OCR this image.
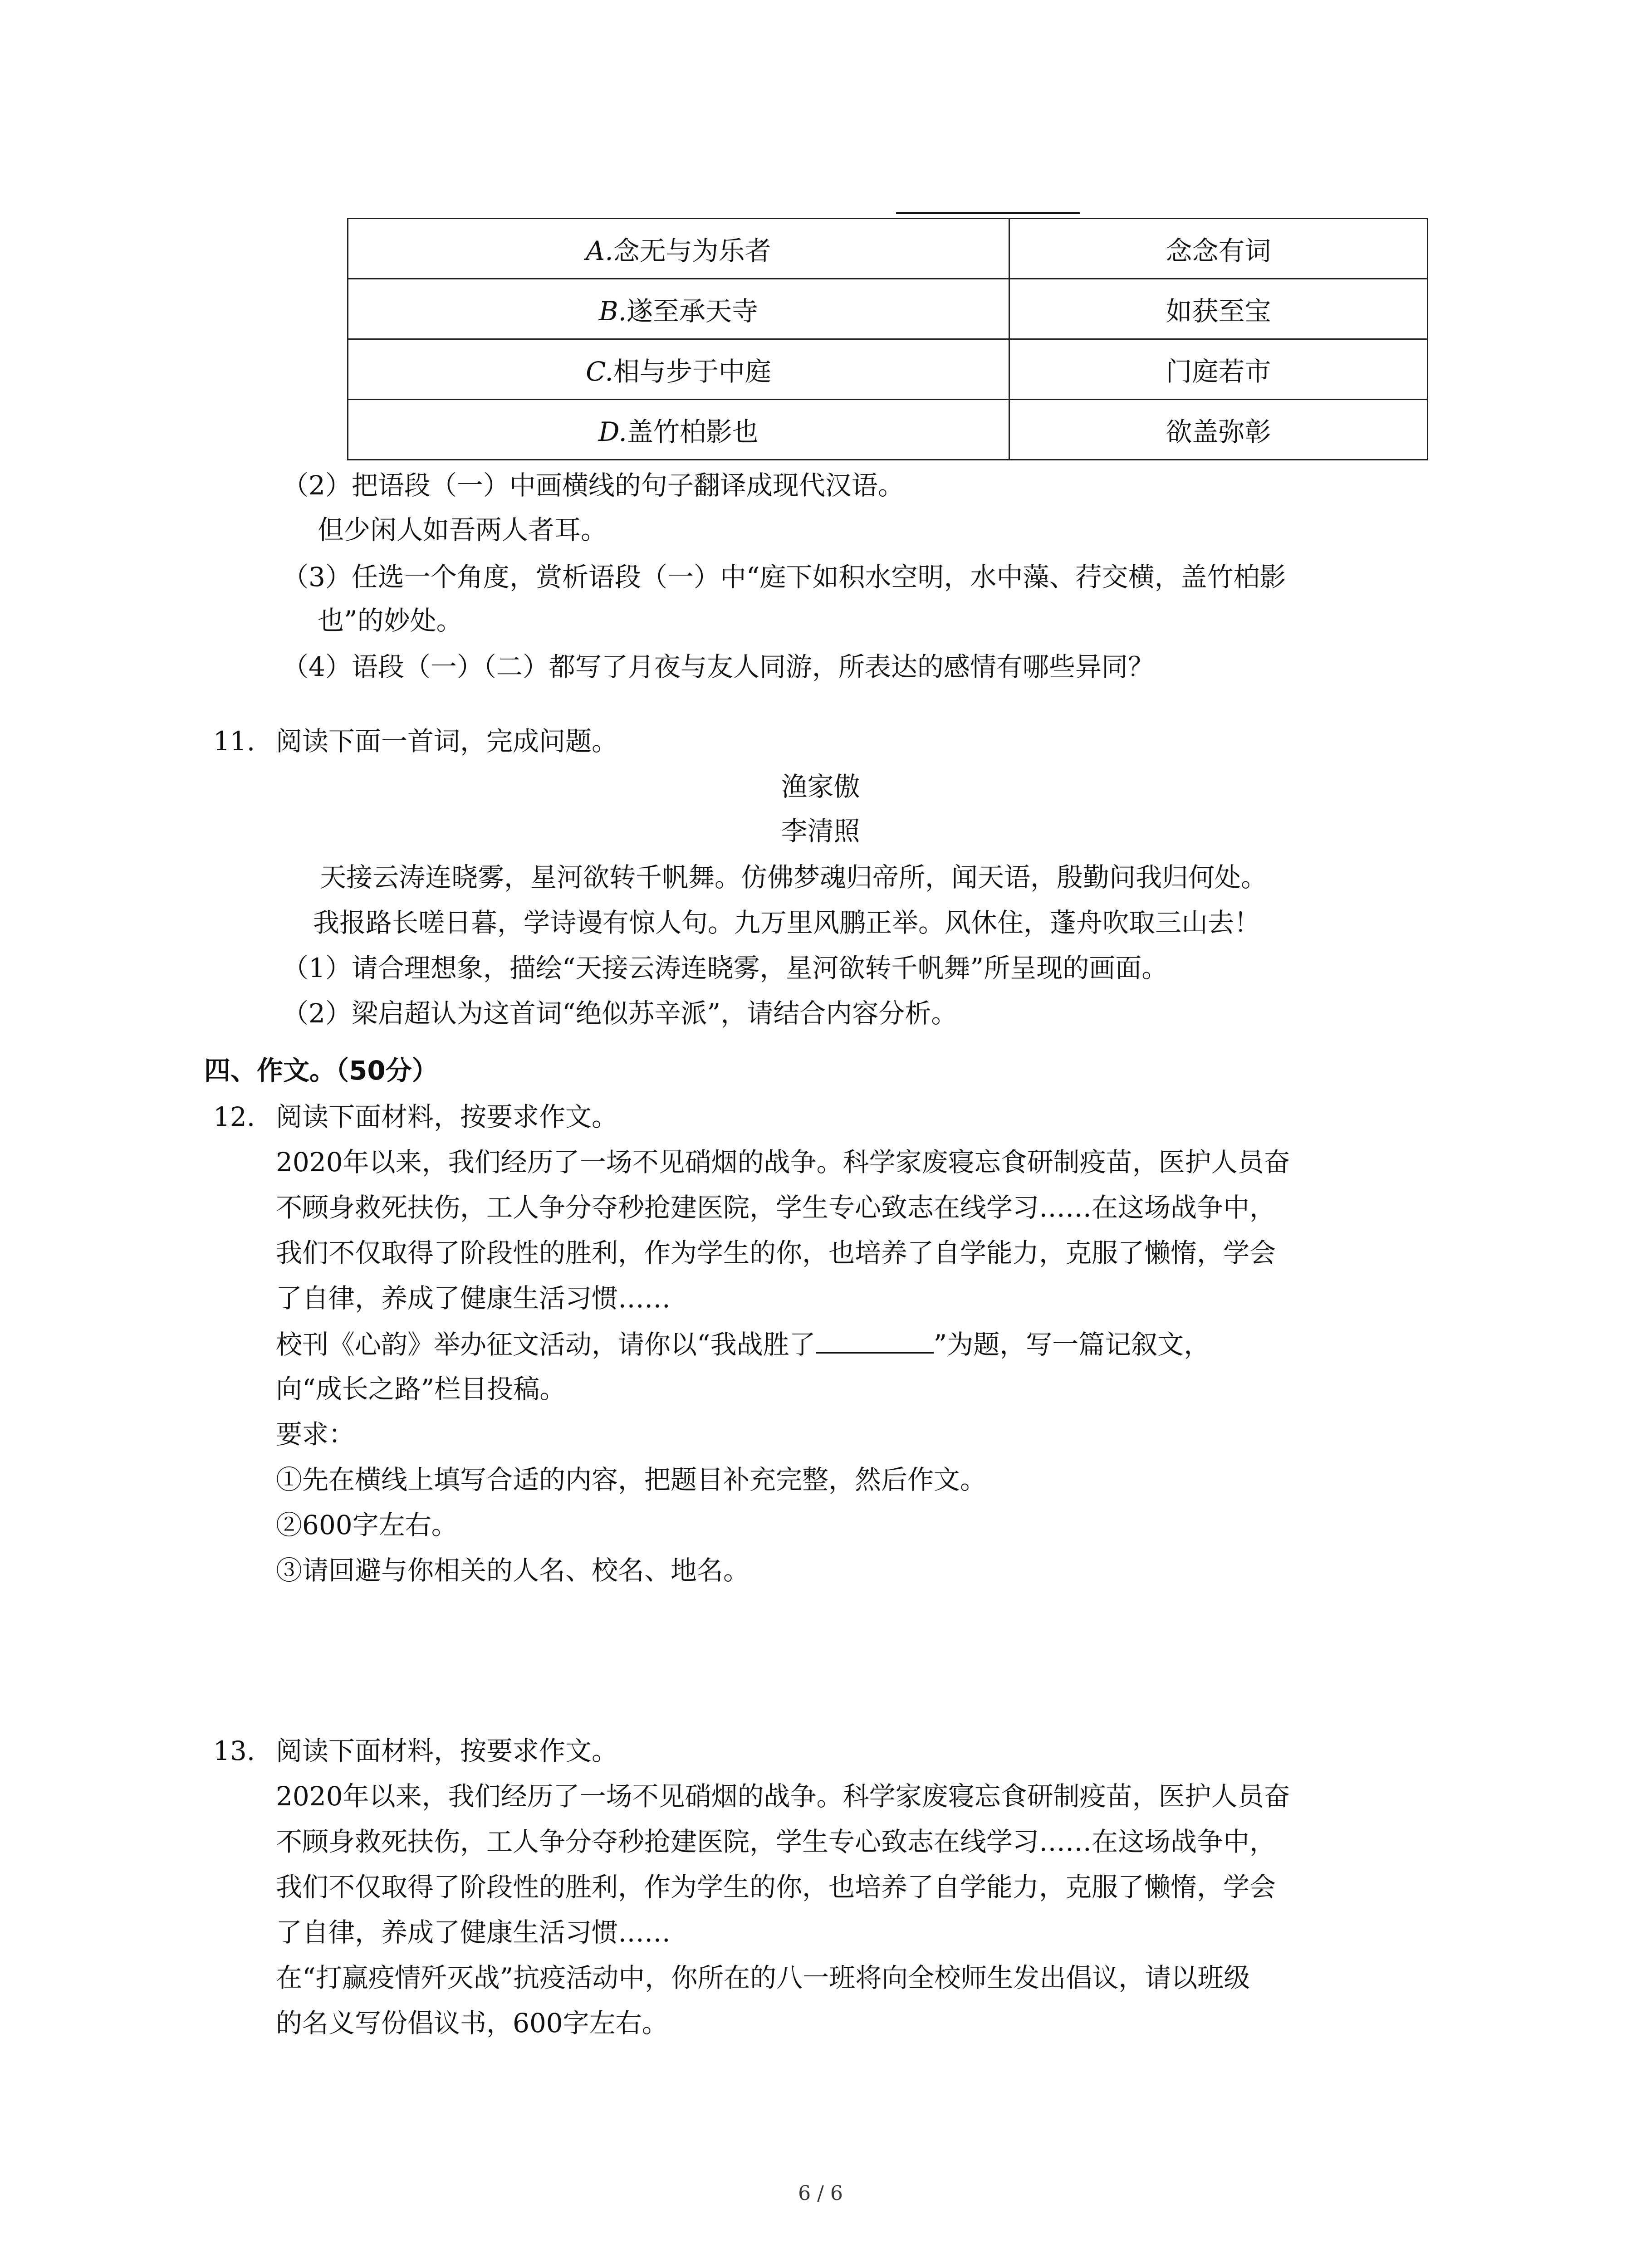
A.念无与为乐者	念念有词
B.遂至承天寺	如获至宝
C.相与步于中庭	门庭若市
D.盖竹柏影也	欲盖弥彰
（2）把语段（一）中画横线的句子翻译成现代汉语。
但少闲人如吾两人者耳。
（3）任选一个角度，赏析语段（一）中“庭下如积水空明，水中藻、荇交横，盖竹柏影
也”的妙处。
（4）语段（一）（二）都写了月夜与友人同游，所表达的感情有哪些异同？
11. 阅读下面一首词，完成问题。
渔家傲
李清照
天接云涛连晓雾，星河欲转千帆舞。仿佛梦魂归帝所，闻天语，殷勤问我归何处。
我报路长嗟日暮，学诗谩有惊人句。九万里风鹏正举。风休住，蓬舟吹取三山去！
（1）请合理想象，描绘“天接云涛连晓雾，星河欲转千帆舞”所呈现的画面。
（2）梁启超认为这首词“绝似苏辛派”，请结合内容分析。
四、作文。（50分）
12. 阅读下面材料，按要求作文。
2020年以来，我们经历了一场不见硝烟的战争。科学家废寝忘食研制疫苗，医护人员奋
不顾身救死扶伤，工人争分夺秒抢建医院，学生专心致志在线学习……在这场战争中，
我们不仅取得了阶段性的胜利，作为学生的你，也培养了自学能力，克服了懒惰，学会
了自律，养成了健康生活习惯……
校刊《心韵》举办征文活动，请你以“我战胜了	”为题，写一篇记叙文，
向“成长之路”栏目投稿。
要求：
①先在横线上填写合适的内容，把题目补充完整，然后作文。
②600字左右。
③请回避与你相关的人名、校名、地名。
13. 阅读下面材料，按要求作文。
2020年以来，我们经历了一场不见硝烟的战争。科学家废寝忘食研制疫苗，医护人员奋
不顾身救死扶伤，工人争分夺秒抢建医院，学生专心致志在线学习……在这场战争中，
我们不仅取得了阶段性的胜利，作为学生的你，也培养了自学能力，克服了懒惰，学会
了自律，养成了健康生活习惯……
在“打赢疫情歼灭战”抗疫活动中，你所在的八一班将向全校师生发出倡议，请以班级
的名义写份倡议书，600字左右。
6 / 6
